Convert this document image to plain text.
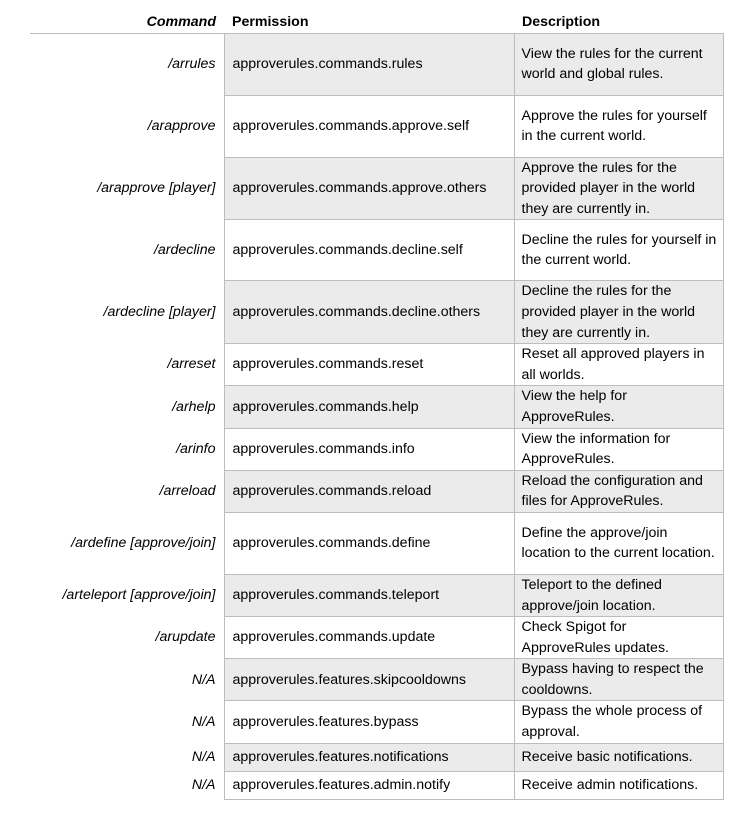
Command	Permission	Description
/arrules	approverules.commands.rules	View the rules for the current world and global rules.
/arapprove	approverules.commands.approve.self	Approve the rules for yourself in the current world.
/arapprove [player]	approverules.commands.approve.others	Approve the rules for the provided player in the world they are currently in.
/ardecline	approverules.commands.decline.self	Decline the rules for yourself in the current world.
/ardecline [player]	approverules.commands.decline.others	Decline the rules for the provided player in the world they are currently in.
/arreset	approverules.commands.reset	Reset all approved players in all worlds.
/arhelp	approverules.commands.help	View the help for ApproveRules.
/arinfo	approverules.commands.info	View the information for ApproveRules.
/arreload	approverules.commands.reload	Reload the configuration and files for ApproveRules.
/ardefine [approve/join]	approverules.commands.define	Define the approve/join location to the current location.
/arteleport [approve/join]	approverules.commands.teleport	Teleport to the defined approve/join location.
/arupdate	approverules.commands.update	Check Spigot for ApproveRules updates.
N/A	approverules.features.skipcooldowns	Bypass having to respect the cooldowns.
N/A	approverules.features.bypass	Bypass the whole process of approval.
N/A	approverules.features.notifications	Receive basic notifications.
N/A	approverules.features.admin.notify	Receive admin notifications.
